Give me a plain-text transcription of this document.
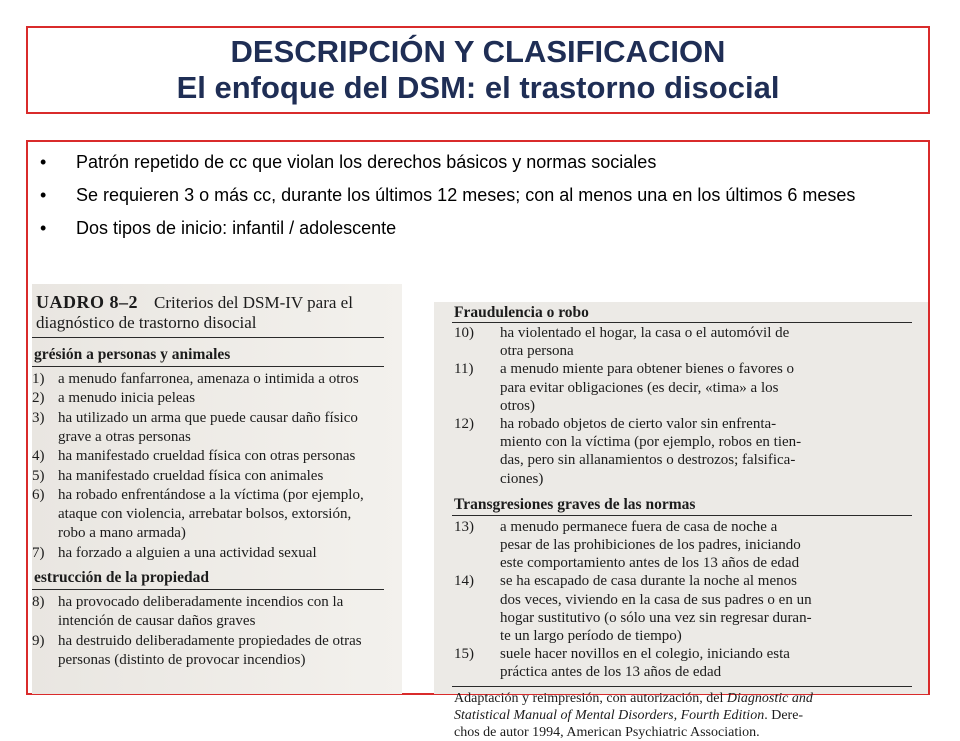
DESCRIPCIÓN Y CLASIFICACION
El enfoque del DSM: el trastorno disocial
• Patrón repetido de cc que violan los derechos básicos y normas sociales
• Se requieren 3 o más cc, durante los últimos 12 meses; con al menos una en los últimos 6 meses
• Dos tipos de inicio: infantil / adolescente
UADRO 8–2 Criterios del DSM-IV para el
diagnóstico de trastorno disocial
grésión a personas y animales
1) a menudo fanfarronea, amenaza o intimida a otros
2) a menudo inicia peleas
3) ha utilizado un arma que puede causar daño físico
grave a otras personas
4) ha manifestado crueldad física con otras personas
5) ha manifestado crueldad física con animales
6) ha robado enfrentándose a la víctima (por ejemplo,
ataque con violencia, arrebatar bolsos, extorsión,
robo a mano armada)
7) ha forzado a alguien a una actividad sexual
estrucción de la propiedad
8) ha provocado deliberadamente incendios con la
intención de causar daños graves
9) ha destruido deliberadamente propiedades de otras
personas (distinto de provocar incendios)
Fraudulencia o robo
10) ha violentado el hogar, la casa o el automóvil de
otra persona
11) a menudo miente para obtener bienes o favores o
para evitar obligaciones (es decir, «tima» a los
otros)
12) ha robado objetos de cierto valor sin enfrenta-
miento con la víctima (por ejemplo, robos en tien-
das, pero sin allanamientos o destrozos; falsifica-
ciones)
Transgresiones graves de las normas
13) a menudo permanece fuera de casa de noche a
pesar de las prohibiciones de los padres, iniciando
este comportamiento antes de los 13 años de edad
14) se ha escapado de casa durante la noche al menos
dos veces, viviendo en la casa de sus padres o en un
hogar sustitutivo (o sólo una vez sin regresar duran-
te un largo período de tiempo)
15) suele hacer novillos en el colegio, iniciando esta
práctica antes de los 13 años de edad
Adaptación y reimpresión, con autorización, del Diagnostic and
Statistical Manual of Mental Disorders, Fourth Edition. Dere-
chos de autor 1994, American Psychiatric Association.
